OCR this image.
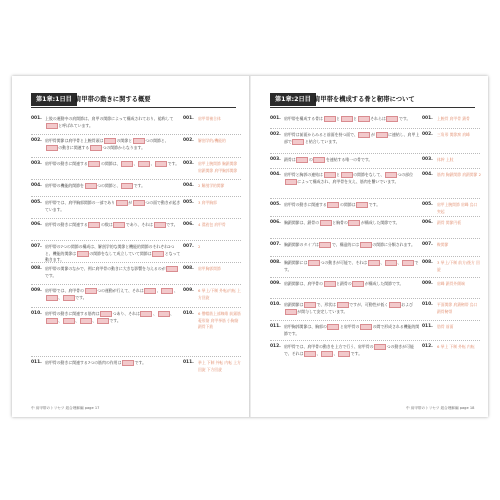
第1章:1日目 肩甲帯の動きに関する概要
001. 上肢の運動中の肩関節は、肩甲の関節によって構成されており、総称してと呼ばれています。
001. 肩甲帯複合体
002. 肩甲骨関節は肩甲骨と上腕骨頭は	の関節と	つの関節と、の動きに関連する	つの関節からなります。
002. 解剖学的/機能的
003. 肩甲帯の動きに関連する	の関節は、	、	、	です。 003. 肩甲上腕関節 胸鎖関節 肩鎖関節 肩甲胸郭関節
004. 肩甲帯の機能的関節を	つの関節と、	です。	004. 2 解剖学的関節
005. 肩甲帯では、肩甲胸郭関節の一部であり	が	つの面で動きが起きています。
005. 3 肩甲胸郭
006. 肩甲骨の動きに関連する	の数は	であり、それは	です。	006. 4 滑液包 肩甲骨
007. 肩甲帯の7つの関節の構成は、解剖学的な関節と機能的関節のそれぞれ2つと、機能的関節は	の関節をなして成立していて関節は	となって動きます。
007. 2
008. 肩甲帯の関節のなかで、例に肩甲骨の動きに大きな影響を与えるのがです。
008. 肩甲胸郭関節
009. 肩甲帯では、肩甲骨の	つの運動が行えて、それは	、	、、	です。
009. 6 挙上/下制 外転/内転 上方回旋
010. 肩甲骨の動きに関連する筋肉は	つあり、それは	、	、、	、	、	です。
010. 6 僧帽筋上部線維 前鋸筋 菱形筋 肩甲挙筋 小胸筋 鎖骨下筋
011. 肩甲骨の動きに関連する7つの筋肉の作用は	です。	011. 挙上 下制 外転 内転 上方回旋 下方回旋
中 肩甲帯のトリセツ 総合理解編 page 17
第1章:2日目 肩甲帯を構成する骨と靭帯について
001. 肩甲帯を構成する骨は	と	と	それらは	です。	001. 上腕骨 肩甲骨 鎖骨
002. 肩甲骨は前面からみると前面を持つ面で、	が	に連結し、肩甲上部で	と結合しています。
002. 三角形 関節窩 肩峰
003. 鎖骨は	の	を連結する唯一の骨です。	003. 体幹 上肢
004. 肩甲骨と胸郭の連結は	と	の関節をなして、	つの部位によって構成され、肩甲骨を支え、筋肉を繋いでいます。
004. 筋肉 胸鎖関節 肩鎖関節 2
005. 肩甲骨の動きに関連する	の関節は	です。	005. 肩甲上腕関節 肩峰 烏口突起
006. 胸鎖関節は、鎖骨の	と胸骨の	が構成した関節です。	006. 鎖骨 関節円板
007. 胸鎖関節のタイプは	で、構造的には	の関節に分類されます。	007. 鞍関節
008. 胸鎖関節には	つの動きが可能で、それは	、	、	です。
008. 3 挙上/下制 前方/後方 回旋
009. 肩鎖関節は、肩甲骨の	と鎖骨の	が構成した関節です。	009. 肩峰 鎖骨外側端
010. 肩鎖関節は	で、形状は	ですが、可動性が低く	およびが関与して安定しています。
010. 平面関節 肩鎖靭帯 烏口鎖骨靭帯
011. 肩甲胸郭関節は、胸郭の	と肩甲骨の	の間で形成される機能的関節です。
011. 肋骨 前面
012. 肩甲骨では、肩甲骨の動きを上方で行う、肩甲骨の	つの動きが可能で、それは	、	、	です。
012. 6 挙上 下制 外転 内転
中 肩甲帯のトリセツ 総合理解編 page 18
